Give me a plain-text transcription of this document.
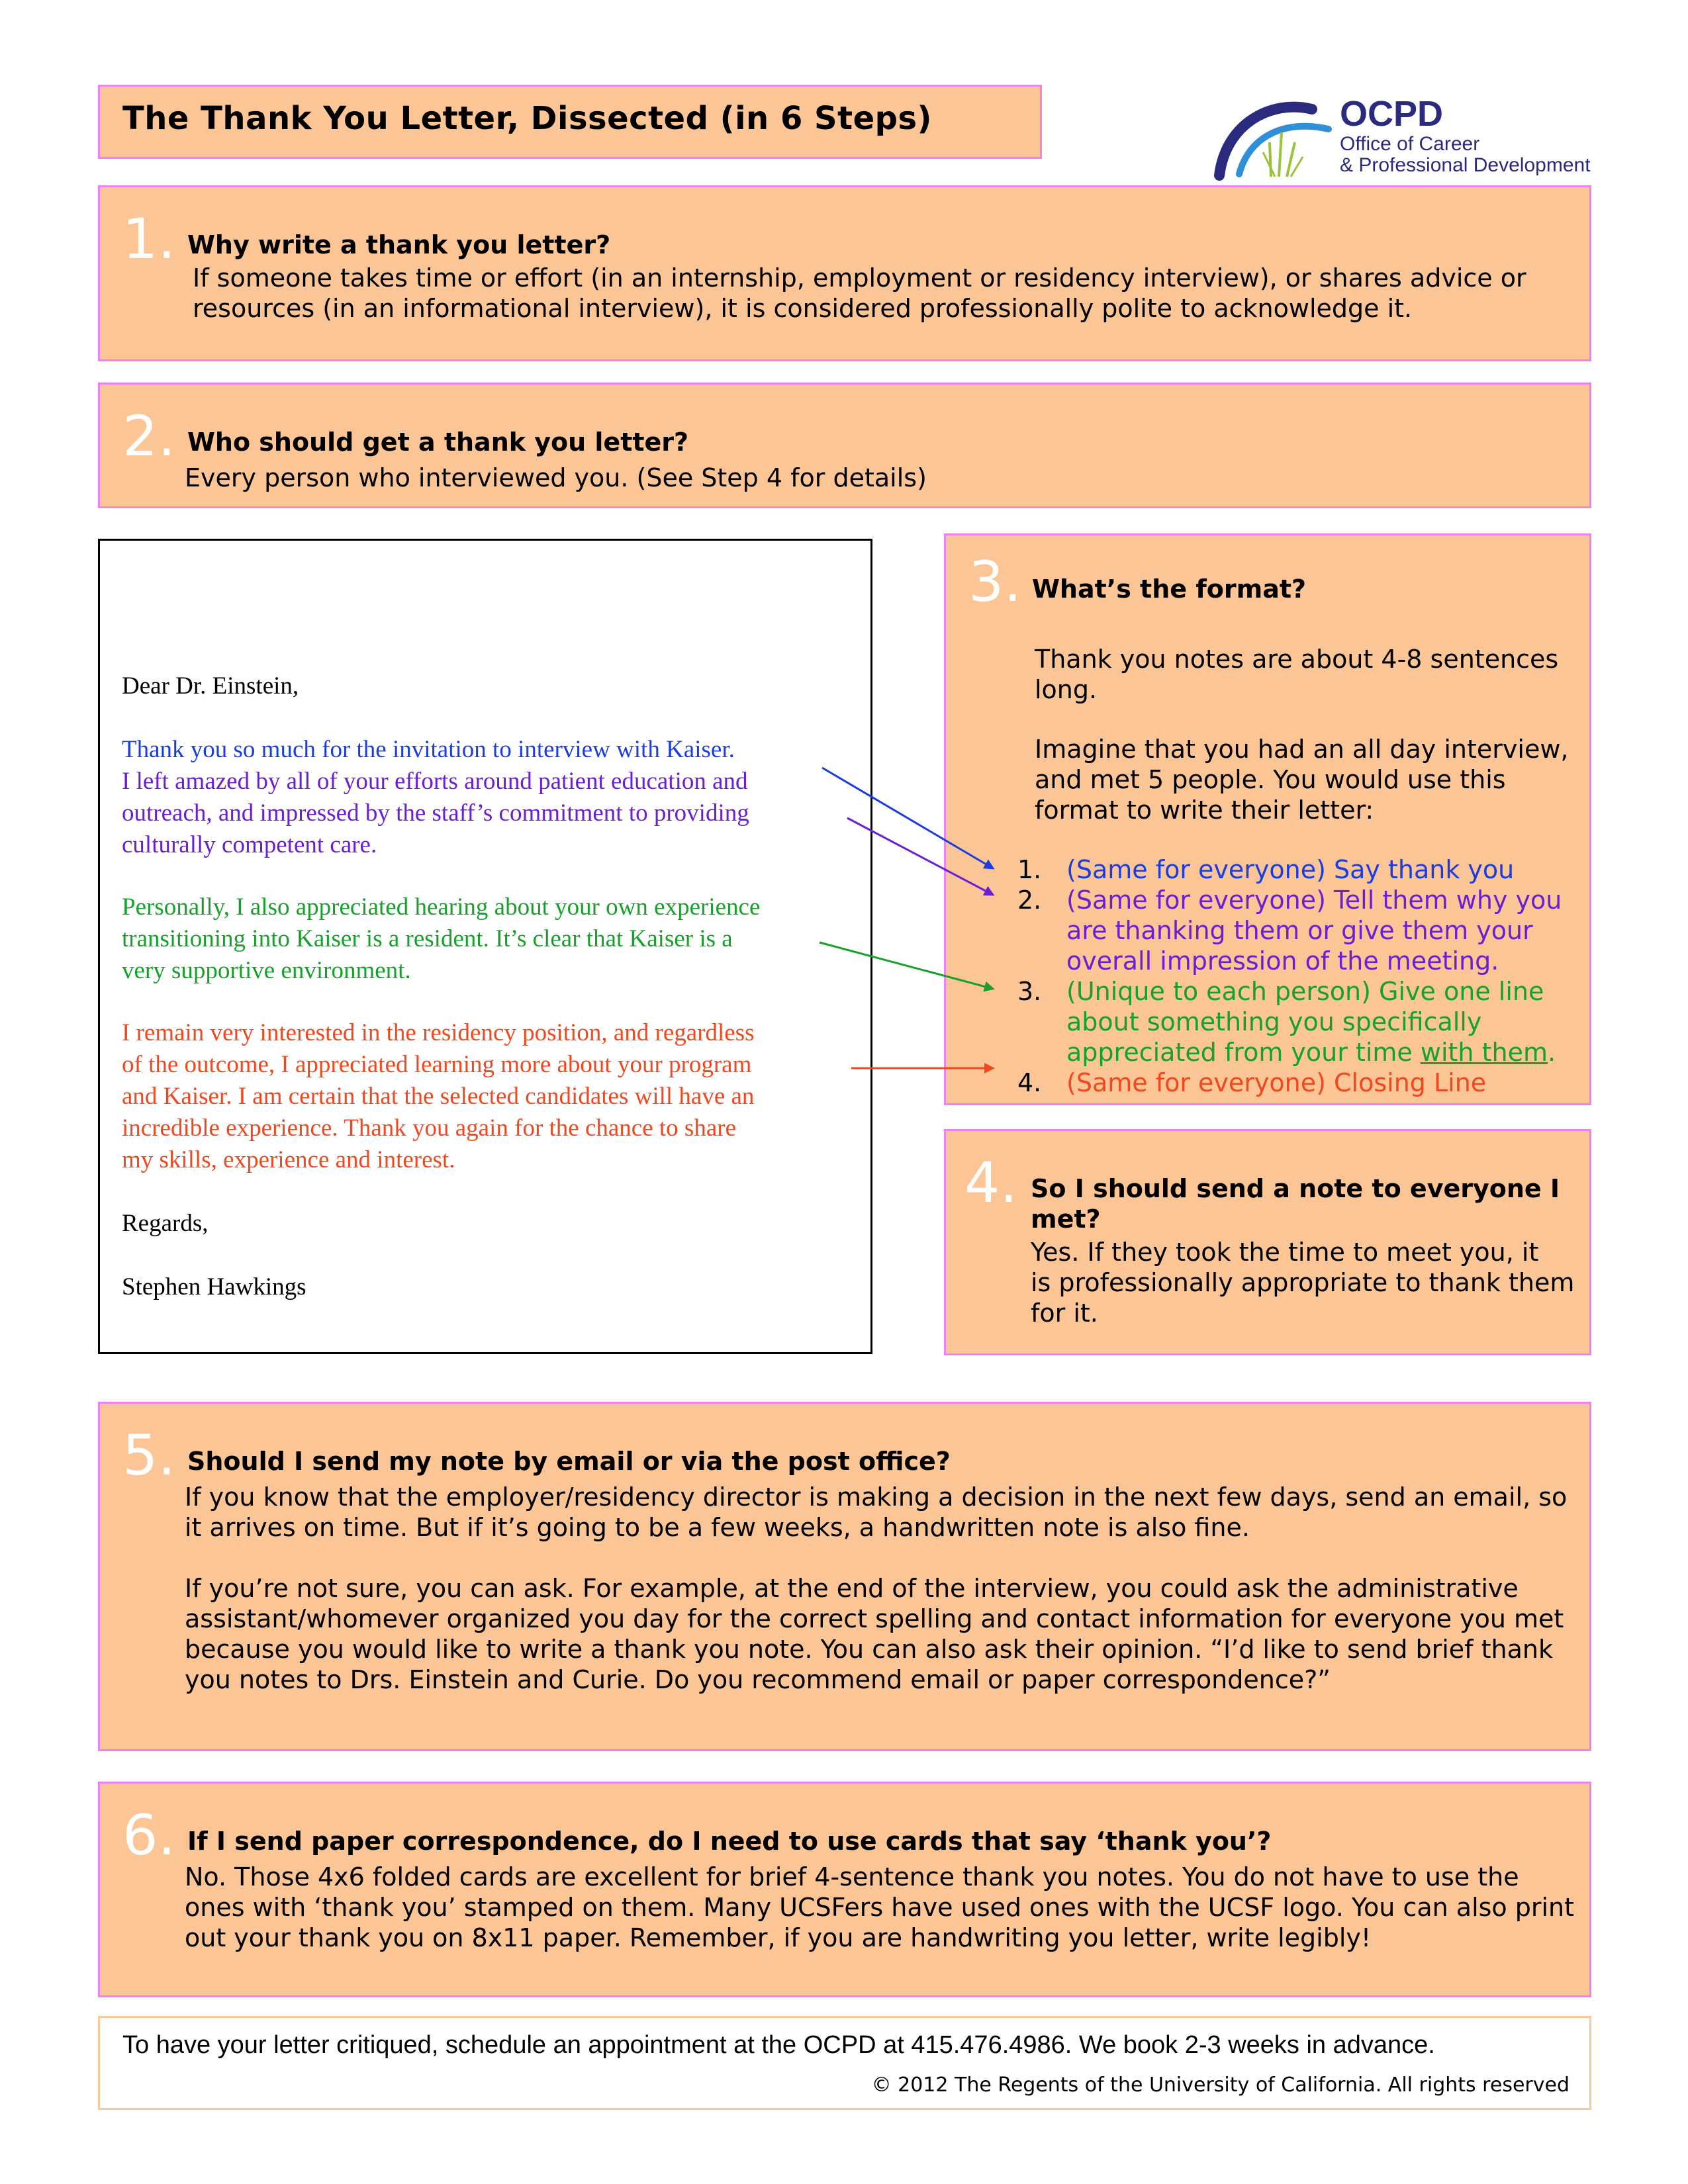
The Thank You Letter, Dissected (in 6 Steps)	OCPD
Office of Career
& Professional Development
1. Why write a thank you letter?

If someone takes time or effort (in an internship, employment or residency interview), or shares advice or

resources (in an informational interview), it is considered professionally polite to acknowledge it.

2. Who should get a thank you letter?

Every person who interviewed you. (See Step 4 for details)

Dear Dr. Einstein,
Thank you so much for the invitation to interview with Kaiser.
I left amazed by all of your efforts around patient education and
outreach, and impressed by the staff’s commitment to providing
culturally competent care.
Personally, I also appreciated hearing about your own experience
transitioning into Kaiser is a resident. It’s clear that Kaiser is a
very supportive environment.
I remain very interested in the residency position, and regardless
of the outcome, I appreciated learning more about your program
and Kaiser. I am certain that the selected candidates will have an
incredible experience. Thank you again for the chance to share
my skills, experience and interest.
Regards,
Stephen Hawkings
3. What’s the format?

Thank you notes are about 4-8 sentences

long.

Imagine that you had an all day interview,

and met 5 people. You would use this

format to write their letter:

1. (Same for everyone) Say thank you
2. (Same for everyone) Tell them why you
are thanking them or give them your
overall impression of the meeting.
3. (Unique to each person) Give one line
about something you specifically
appreciated from your time with them.
4. (Same for everyone) Closing Line
4. So I should send a note to everyone I
met?

Yes. If they took the time to meet you, it

is professionally appropriate to thank them

for it.

5. Should I send my note by email or via the post office?

If you know that the employer/residency director is making a decision in the next few days, send an email, so

it arrives on time. But if it’s going to be a few weeks, a handwritten note is also fine.

If you’re not sure, you can ask. For example, at the end of the interview, you could ask the administrative

assistant/whomever organized you day for the correct spelling and contact information for everyone you met

because you would like to write a thank you note. You can also ask their opinion. “I’d like to send brief thank

you notes to Drs. Einstein and Curie. Do you recommend email or paper correspondence?”

6. If I send paper correspondence, do I need to use cards that say ‘thank you’?

No. Those 4x6 folded cards are excellent for brief 4-sentence thank you notes. You do not have to use the

ones with ‘thank you’ stamped on them. Many UCSFers have used ones with the UCSF logo. You can also print

out your thank you on 8x11 paper. Remember, if you are handwriting you letter, write legibly!

To have your letter critiqued, schedule an appointment at the OCPD at 415.476.4986. We book 2-3 weeks in advance.
© 2012 The Regents of the University of California. All rights reserved
